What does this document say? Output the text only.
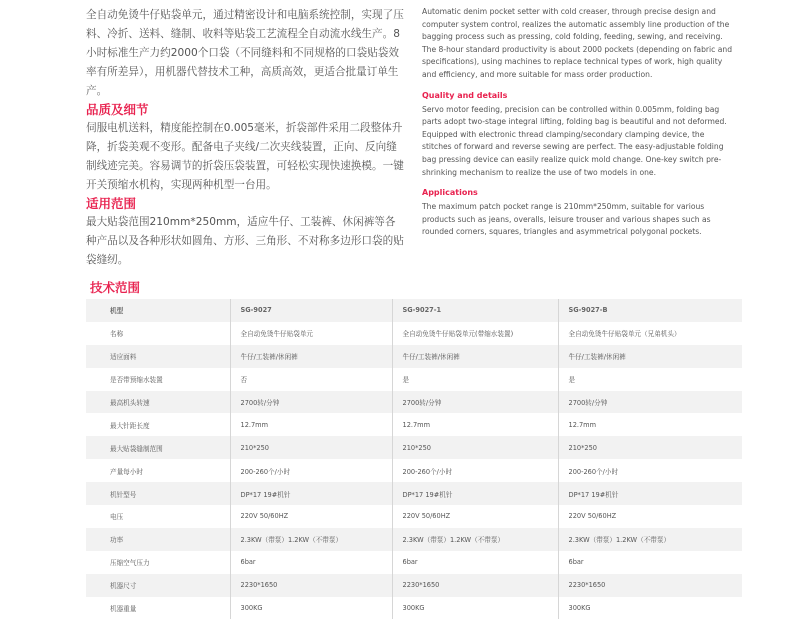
全自动免烫牛仔贴袋单元，通过精密设计和电脑系统控制，实现了压料、冷折、送料、缝制、收料等贴袋工艺流程全自动流水线生产。8小时标准生产力约2000个口袋（不同缝料和不同规格的口袋贴袋效率有所差异），用机器代替技术工种，高质高效，更适合批量订单生产。

品质及细节

伺服电机送料，精度能控制在0.005毫米，折袋部件采用二段整体升降，折袋美观不变形。配备电子夹线/二次夹线装置，正向、反向缝制线迹完美。容易调节的折袋压袋装置，可轻松实现快速换模。一键开关预缩水机构，实现两种机型一台用。

适用范围

最大贴袋范围210mm*250mm，适应牛仔、工装裤、休闲裤等各种产品以及各种形状如圆角、方形、三角形、不对称多边形口袋的贴袋缝纫。

Automatic denim pocket setter with cold creaser, through precise design and computer system control, realizes the automatic assembly line production of the bagging process such as pressing, cold folding, feeding, sewing, and receiving. The 8-hour standard productivity is about 2000 pockets (depending on fabric and specifications), using machines to replace technical types of work, high quality and efficiency, and more suitable for mass order production.

Quality and details

Servo motor feeding, precision can be controlled within 0.005mm, folding bag parts adopt two-stage integral lifting, folding bag is beautiful and not deformed. Equipped with electronic thread clamping/secondary clamping device, the stitches of forward and reverse sewing are perfect. The easy-adjustable folding bag pressing device can easily realize quick mold change. One-key switch pre-shrinking mechanism to realize the use of two models in one.

Applications

The maximum patch pocket range is 210mm*250mm, suitable for various products such as jeans, overalls, leisure trouser and various shapes such as rounded corners, squares, triangles and asymmetrical polygonal pockets.

技术范围
机型	SG-9027	SG-9027-1	SG-9027-B
名称	全自动免烫牛仔贴袋单元	全自动免烫牛仔贴袋单元(带缩水装置)	全自动免烫牛仔贴袋单元（兄弟机头）
适应面料	牛仔/工装裤/休闲裤	牛仔/工装裤/休闲裤	牛仔/工装裤/休闲裤
是否带预缩水装置	否	是	是
最高机头转速	2700转/分钟	2700转/分钟	2700转/分钟
最大针距长度	12.7mm	12.7mm	12.7mm
最大贴袋缝制范围	210*250	210*250	210*250
产量每小时	200-260个/小时	200-260个/小时	200-260个/小时
机针型号	DP*17 19#机针	DP*17 19#机针	DP*17 19#机针
电压	220V 50/60HZ	220V 50/60HZ	220V 50/60HZ
功率	2.3KW（带泵）1.2KW（不带泵）	2.3KW（带泵）1.2KW（不带泵）	2.3KW（带泵）1.2KW（不带泵）
压缩空气压力	6bar	6bar	6bar
机器尺寸	2230*1650	2230*1650	2230*1650
机器重量	300KG	300KG	300KG
